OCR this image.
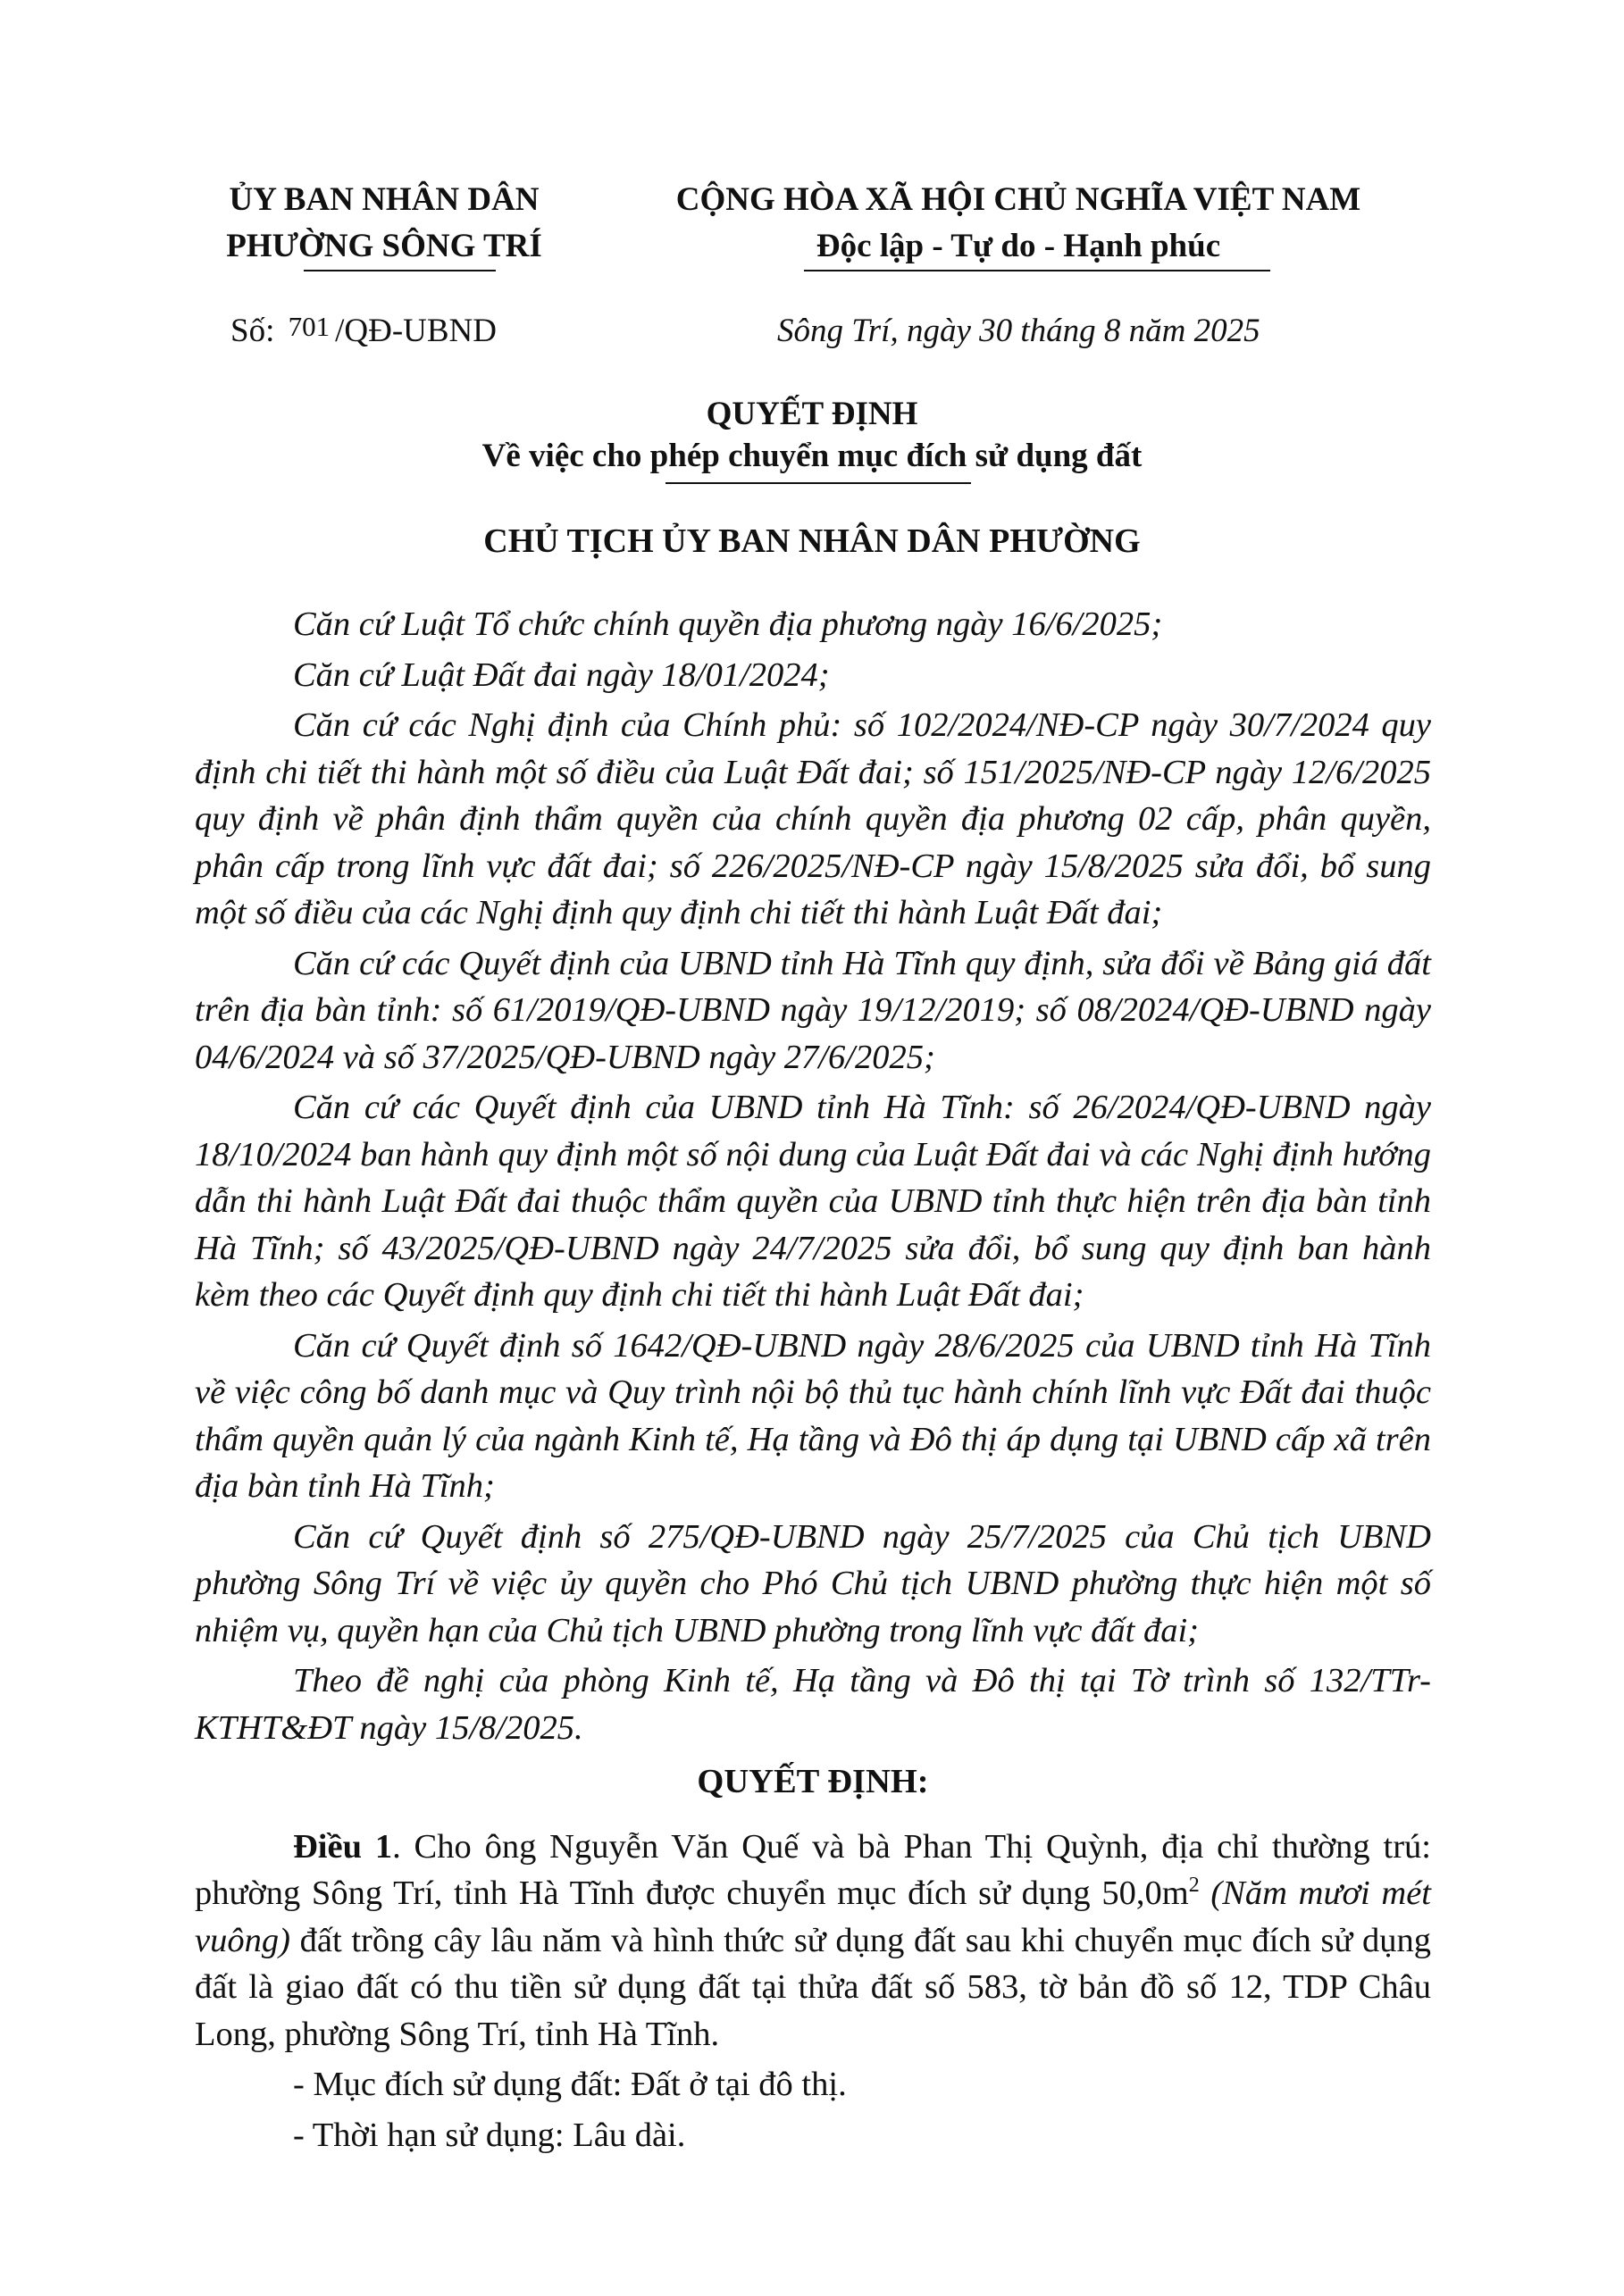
ỦY BAN NHÂN DÂN
PHƯỜNG SÔNG TRÍ
CỘNG HÒA XÃ HỘI CHỦ NGHĨA VIỆT NAM
Độc lập - Tự do - Hạnh phúc
Số: 701 /QĐ-UBND	Sông Trí, ngày 30 tháng 8 năm 2025
QUYẾT ĐỊNH
Về việc cho phép chuyển mục đích sử dụng đất
CHỦ TỊCH ỦY BAN NHÂN DÂN PHƯỜNG

Căn cứ Luật Tổ chức chính quyền địa phương ngày 16/6/2025;

Căn cứ Luật Đất đai ngày 18/01/2024;

Căn cứ các Nghị định của Chính phủ: số 102/2024/NĐ-CP ngày 30/7/2024 quy định chi tiết thi hành một số điều của Luật Đất đai; số 151/2025/NĐ-CP ngày 12/6/2025 quy định về phân định thẩm quyền của chính quyền địa phương 02 cấp, phân quyền, phân cấp trong lĩnh vực đất đai; số 226/2025/NĐ-CP ngày 15/8/2025 sửa đổi, bổ sung một số điều của các Nghị định quy định chi tiết thi hành Luật Đất đai;

Căn cứ các Quyết định của UBND tỉnh Hà Tĩnh quy định, sửa đổi về Bảng giá đất trên địa bàn tỉnh: số 61/2019/QĐ-UBND ngày 19/12/2019; số 08/2024/QĐ-UBND ngày 04/6/2024 và số 37/2025/QĐ-UBND ngày 27/6/2025;

Căn cứ các Quyết định của UBND tỉnh Hà Tĩnh: số 26/2024/QĐ-UBND ngày 18/10/2024 ban hành quy định một số nội dung của Luật Đất đai và các Nghị định hướng dẫn thi hành Luật Đất đai thuộc thẩm quyền của UBND tỉnh thực hiện trên địa bàn tỉnh Hà Tĩnh; số 43/2025/QĐ-UBND ngày 24/7/2025 sửa đổi, bổ sung quy định ban hành kèm theo các Quyết định quy định chi tiết thi hành Luật Đất đai;

Căn cứ Quyết định số 1642/QĐ-UBND ngày 28/6/2025 của UBND tỉnh Hà Tĩnh về việc công bố danh mục và Quy trình nội bộ thủ tục hành chính lĩnh vực Đất đai thuộc thẩm quyền quản lý của ngành Kinh tế, Hạ tầng và Đô thị áp dụng tại UBND cấp xã trên địa bàn tỉnh Hà Tĩnh;

Căn cứ Quyết định số 275/QĐ-UBND ngày 25/7/2025 của Chủ tịch UBND phường Sông Trí về việc ủy quyền cho Phó Chủ tịch UBND phường thực hiện một số nhiệm vụ, quyền hạn của Chủ tịch UBND phường trong lĩnh vực đất đai;

Theo đề nghị của phòng Kinh tế, Hạ tầng và Đô thị tại Tờ trình số 132/TTr-KTHT&ĐT ngày 15/8/2025.

QUYẾT ĐỊNH:

Điều 1. Cho ông Nguyễn Văn Quế và bà Phan Thị Quỳnh, địa chỉ thường trú: phường Sông Trí, tỉnh Hà Tĩnh được chuyển mục đích sử dụng $50,0m^2$ (Năm mươi mét vuông) đất trồng cây lâu năm và hình thức sử dụng đất sau khi chuyển mục đích sử dụng đất là giao đất có thu tiền sử dụng đất tại thửa đất số 583, tờ bản đồ số 12, TDP Châu Long, phường Sông Trí, tỉnh Hà Tĩnh.

- Mục đích sử dụng đất: Đất ở tại đô thị.

- Thời hạn sử dụng: Lâu dài.
